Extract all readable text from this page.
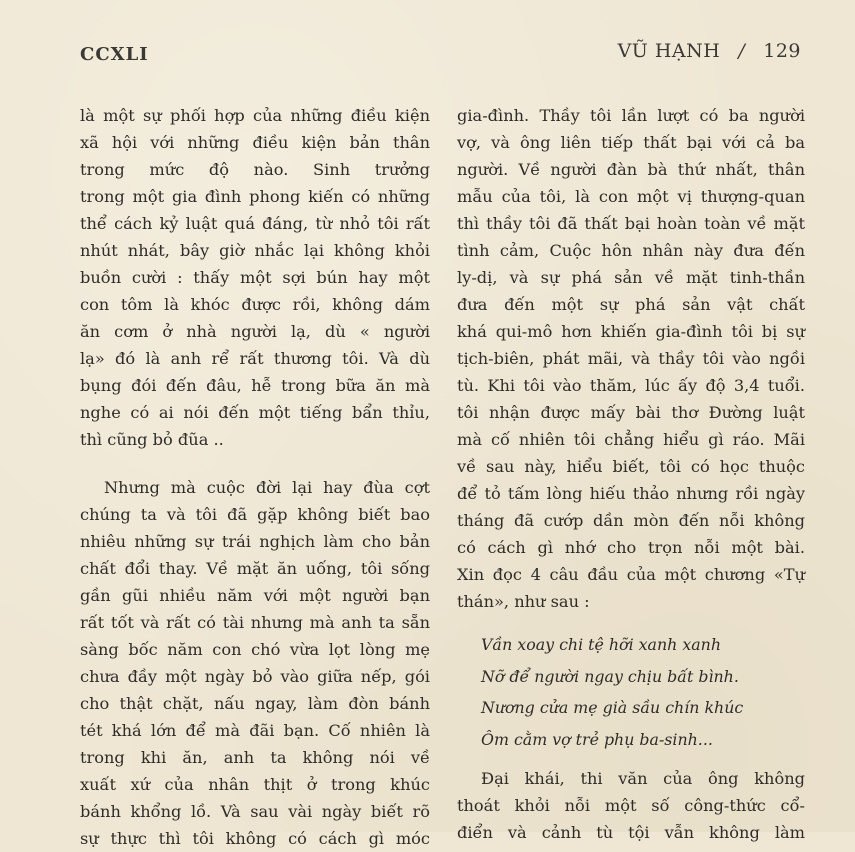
CCXLI	VŨ HẠNH / 129

là một sự phối hợp của những điều kiện

xã hội với những điều kiện bản thân

trong mức độ nào. Sinh trưởng

trong một gia đình phong kiến có những

thể cách kỷ luật quá đáng, từ nhỏ tôi rất

nhút nhát, bây giờ nhắc lại không khỏi

buồn cười : thấy một sợi bún hay một

con tôm là khóc được rồi, không dám

ăn cơm ở nhà người lạ, dù « người

lạ» đó là anh rể rất thương tôi. Và dù

bụng đói đến đâu, hễ trong bữa ăn mà

nghe có ai nói đến một tiếng bẩn thỉu,

thì cũng bỏ đũa ..

Nhưng mà cuộc đời lại hay đùa cợt

chúng ta và tôi đã gặp không biết bao

nhiêu những sự trái nghịch làm cho bản

chất đổi thay. Về mặt ăn uống, tôi sống

gần gũi nhiều năm với một người bạn

rất tốt và rất có tài nhưng mà anh ta sẵn

sàng bốc năm con chó vừa lọt lòng mẹ

chưa đầy một ngày bỏ vào giữa nếp, gói

cho thật chặt, nấu ngay, làm đòn bánh

tét khá lớn để mà đãi bạn. Cố nhiên là

trong khi ăn, anh ta không nói về

xuất xứ của nhân thịt ở trong khúc

bánh khổng lồ. Và sau vài ngày biết rõ

sự thực thì tôi không có cách gì móc

gia-đình. Thầy tôi lần lượt có ba người

vợ, và ông liên tiếp thất bại với cả ba

người. Về người đàn bà thứ nhất, thân

mẫu của tôi, là con một vị thượng-quan

thì thầy tôi đã thất bại hoàn toàn về mặt

tình cảm, Cuộc hôn nhân này đưa đến

ly-dị, và sự phá sản về mặt tinh-thần

đưa đến một sự phá sản vật chất

khá qui-mô hơn khiến gia-đình tôi bị sự

tịch-biên, phát mãi, và thầy tôi vào ngồi

tù. Khi tôi vào thăm, lúc ấy độ 3,4 tuổi.

tôi nhận được mấy bài thơ Đường luật

mà cố nhiên tôi chẳng hiểu gì ráo. Mãi

về sau này, hiểu biết, tôi có học thuộc

để tỏ tấm lòng hiếu thảo nhưng rồi ngày

tháng đã cướp dần mòn đến nỗi không

có cách gì nhớ cho trọn nỗi một bài.

Xin đọc 4 câu đầu của một chương «Tự

thán», như sau :

Vần xoay chi tệ hỡi xanh xanh
Nỡ để người ngay chịu bất bình.
Nương cửa mẹ già sầu chín khúc
Ôm cằm vợ trẻ phụ ba-sinh...

Đại khái, thi văn của ông không

thoát khỏi nỗi một số công-thức cổ-

điển và cảnh tù tội vẫn không làm
